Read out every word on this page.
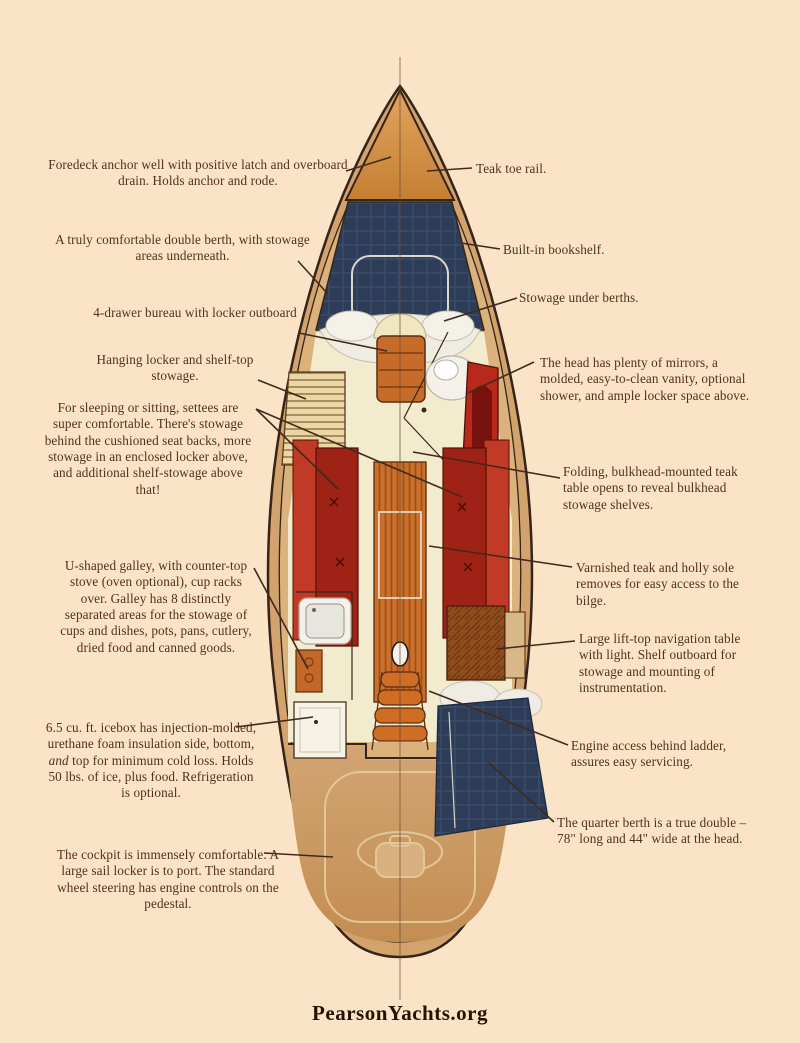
Foredeck anchor well with positive latch and overboard drain. Holds anchor and rode.
A truly comfortable double berth, with stowage areas underneath.
4-drawer bureau with locker outboard
Hanging locker and shelf-top stowage.
For sleeping or sitting, settees are super comfortable. There's stowage behind the cushioned seat backs, more stowage in an enclosed locker above, and additional shelf-stowage above that!
U-shaped galley, with counter-top stove (oven optional), cup racks over. Galley has 8 distinctly separated areas for the stowage of cups and dishes, pots, pans, cutlery, dried food and canned goods.
6.5 cu. ft. icebox has injection-molded, urethane foam insulation side, bottom, and top for minimum cold loss. Holds 50 lbs. of ice, plus food. Refrigeration is optional.
The cockpit is immensely comfortable. A large sail locker is to port. The standard wheel steering has engine controls on the pedestal.
Teak toe rail.
Built-in bookshelf.
Stowage under berths.
The head has plenty of mirrors, a molded, easy-to-clean vanity, optional shower, and ample locker space above.
Folding, bulkhead-mounted teak table opens to reveal bulkhead stowage shelves.
Varnished teak and holly sole removes for easy access to the bilge.
Large lift-top navigation table with light. Shelf outboard for stowage and mounting of instrumentation.
Engine access behind ladder, assures easy servicing.
The quarter berth is a true double – 78" long and 44" wide at the head.
PearsonYachts.org
